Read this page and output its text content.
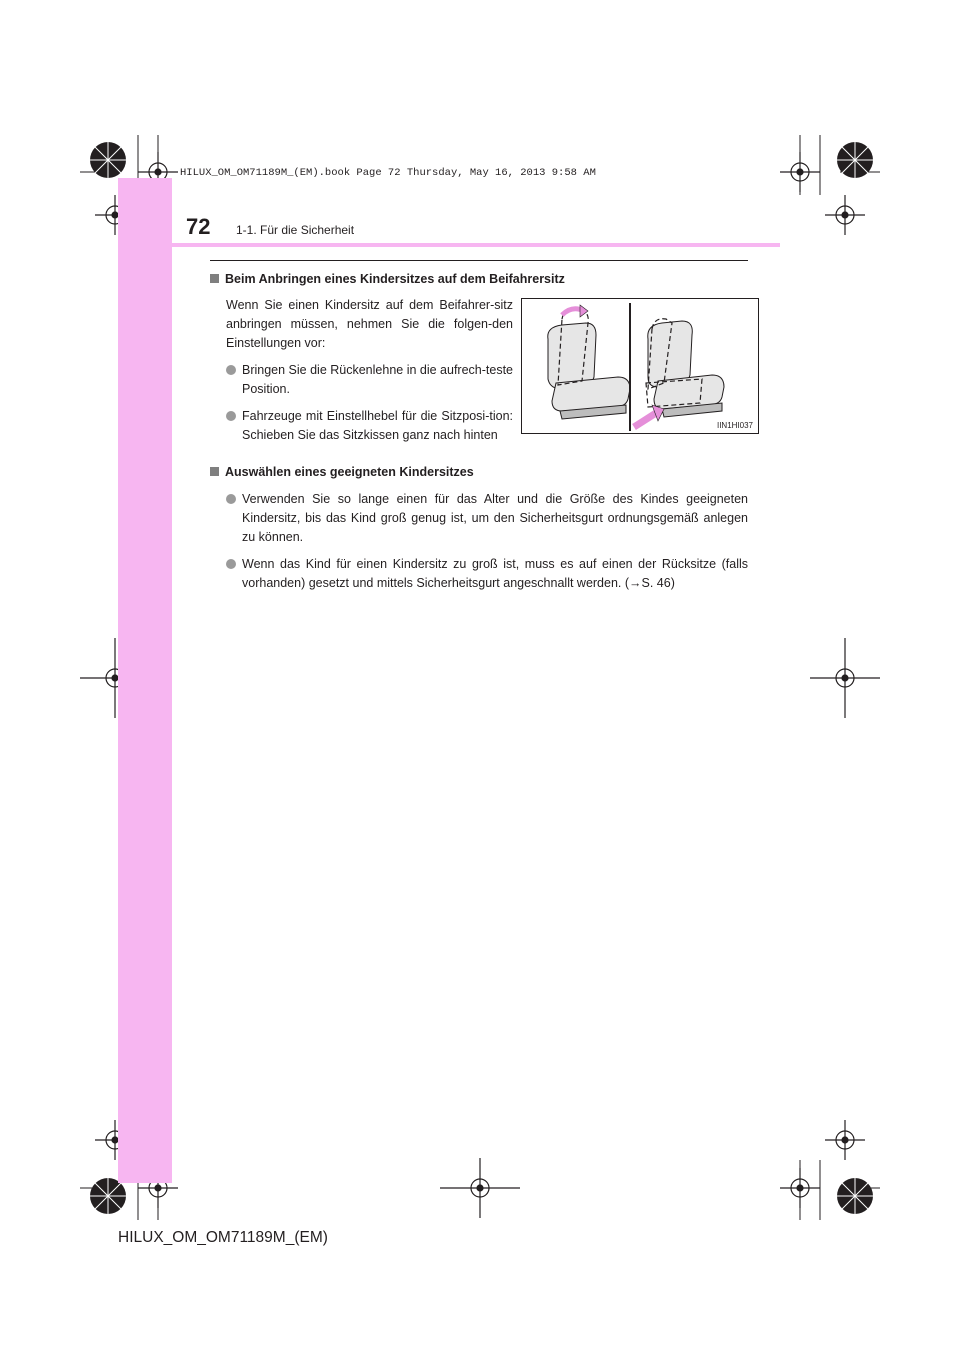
HILUX_OM_OM71189M_(EM).book Page 72 Thursday, May 16, 2013 9:58 AM
72 1-1. Für die Sicherheit
Beim Anbringen eines Kindersitzes auf dem Beifahrersitz
Wenn Sie einen Kindersitz auf dem Beifahrer-sitz anbringen müssen, nehmen Sie die folgen-den Einstellungen vor:
Bringen Sie die Rückenlehne in die aufrech-teste Position.
Fahrzeuge mit Einstellhebel für die Sitzposi-tion: Schieben Sie das Sitzkissen ganz nach hinten
IIN1HI037
Auswählen eines geeigneten Kindersitzes
Verwenden Sie so lange einen für das Alter und die Größe des Kindes geeigneten Kindersitz, bis das Kind groß genug ist, um den Sicherheitsgurt ordnungsgemäß anlegen zu können.
Wenn das Kind für einen Kindersitz zu groß ist, muss es auf einen der Rücksitze (falls vorhanden) gesetzt und mittels Sicherheitsgurt angeschnallt werden. (→S. 46)
HILUX_OM_OM71189M_(EM)
